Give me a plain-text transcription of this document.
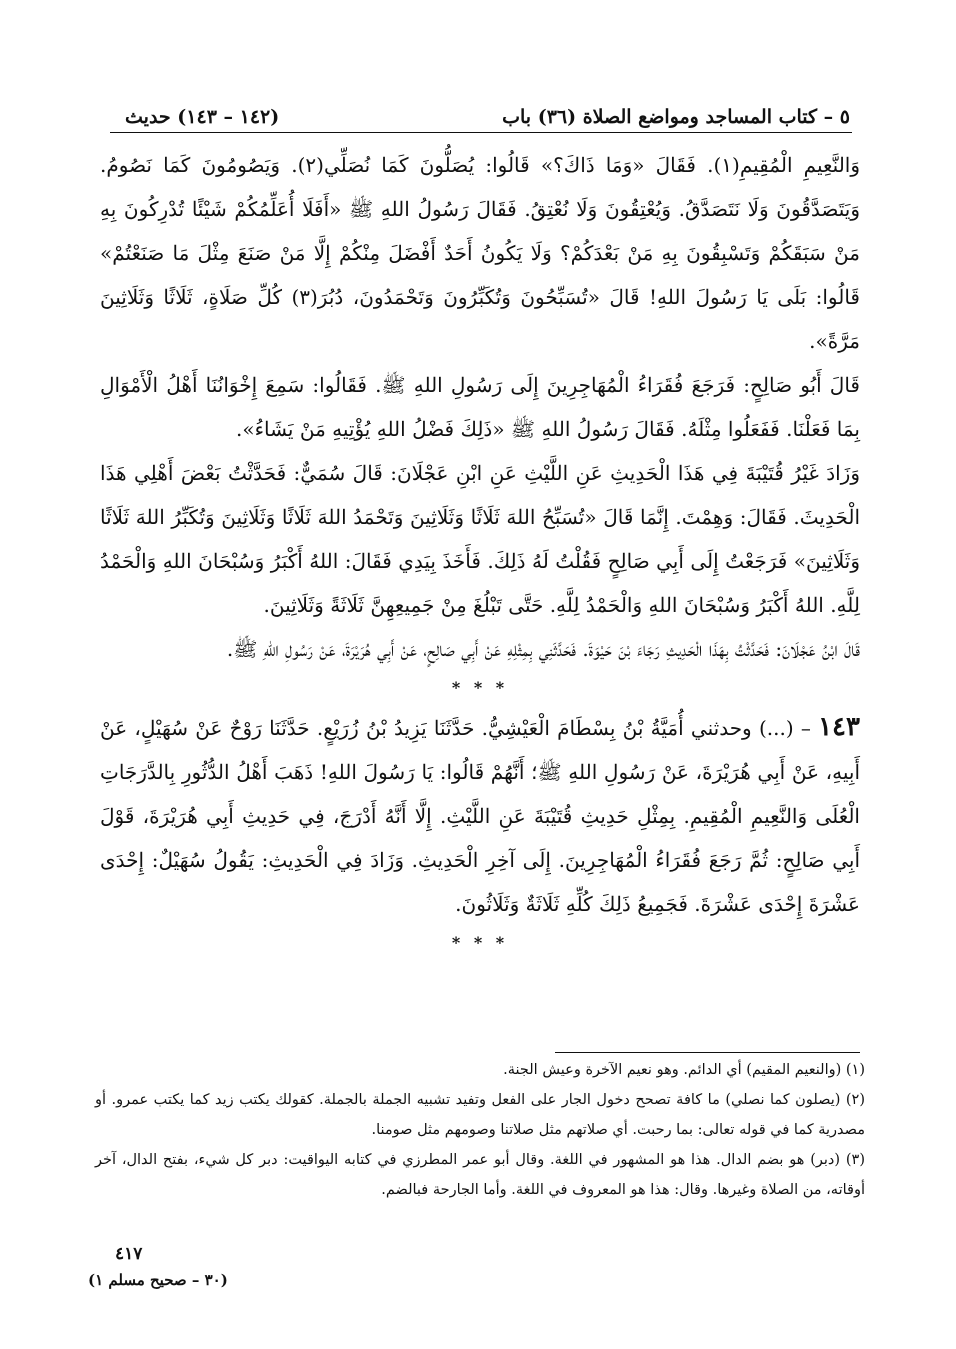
٥ – كتاب المساجد ومواضع الصلاة (٣٦) باب
(١٤٢ – ١٤٣) حديث

وَالنَّعِيمِ الْمُقِيمِ(١). فَقَالَ «وَمَا ذَاكَ؟» قَالُوا: يُصَلُّونَ كَمَا نُصَلِّي(٢). وَيَصُومُونَ كَمَا نَصُومُ. وَيَتَصَدَّقُونَ وَلَا نَتَصَدَّقُ. وَيُعْتِقُونَ وَلَا نُعْتِقُ. فَقَالَ رَسُولُ اللهِ ﷺ «أَفَلَا أُعَلِّمُكُمْ شَيْئًا تُدْرِكُونَ بِهِ مَنْ سَبَقَكُمْ وَتَسْبِقُونَ بِهِ مَنْ بَعْدَكُمْ؟ وَلَا يَكُونُ أَحَدٌ أَفْضَلَ مِنْكُمْ إِلَّا مَنْ صَنَعَ مِثْلَ مَا صَنَعْتُمْ» قَالُوا: بَلَى يَا رَسُولَ اللهِ! قَالَ «تُسَبِّحُونَ وَتُكَبِّرُونَ وَتَحْمَدُونَ، دُبُرَ(٣) كُلِّ صَلَاةٍ، ثَلَاثًا وَثَلَاثِينَ مَرَّةً».

قَالَ أَبُو صَالِحٍ: فَرَجَعَ فُقَرَاءُ الْمُهَاجِرِينَ إِلَى رَسُولِ اللهِ ﷺ. فَقَالُوا: سَمِعَ إِخْوَانُنَا أَهْلُ الْأَمْوَالِ بِمَا فَعَلْنَا. فَفَعَلُوا مِثْلَهُ. فَقَالَ رَسُولُ اللهِ ﷺ «ذَلِكَ فَضْلُ اللهِ يُؤْتِيهِ مَنْ يَشَاءُ».

وَزَادَ غَيْرُ قُتَيْبَةَ فِي هَذَا الْحَدِيثِ عَنِ اللَّيْثِ عَنِ ابْنِ عَجْلَانَ: قَالَ سُمَيٌّ: فَحَدَّثْتُ بَعْضَ أَهْلِي هَذَا الْحَدِيثَ. فَقَالَ: وَهِمْتَ. إِنَّمَا قَالَ «تُسَبِّحُ اللهَ ثَلَاثًا وَثَلَاثِينَ وَتَحْمَدُ اللهَ ثَلَاثًا وَثَلَاثِينَ وَتُكَبِّرُ اللهَ ثَلَاثًا وَثَلَاثِينَ» فَرَجَعْتُ إِلَى أَبِي صَالِحٍ فَقُلْتُ لَهُ ذَلِكَ. فَأَخَذَ بِيَدِي فَقَالَ: اللهُ أَكْبَرُ وَسُبْحَانَ اللهِ وَالْحَمْدُ لِلَّهِ. اللهُ أَكْبَرُ وَسُبْحَانَ اللهِ وَالْحَمْدُ لِلَّهِ. حَتَّى تَبْلُغَ مِنْ جَمِيعِهِنَّ ثَلَاثَةً وَثَلَاثِينَ.

قَالَ ابْنُ عَجْلَانَ: فَحَدَّثْتُ بِهَذَا الْحَدِيثِ رَجَاءَ بْنَ حَيْوَةَ. فَحَدَّثَنِي بِمِثْلِهِ عَنْ أَبِي صَالِحٍ، عَنْ أَبِي هُرَيْرَةَ، عَنْ رَسُولِ اللهِ ﷺ.

* * *

١٤٣ – (...) وحدثني أُمَيَّةُ بْنُ بِسْطَامَ الْعَيْشِيُّ. حَدَّثَنَا يَزِيدُ بْنُ زُرَيْعٍ. حَدَّثَنَا رَوْحٌ عَنْ سُهَيْلٍ، عَنْ أَبِيهِ، عَنْ أَبِي هُرَيْرَةَ، عَنْ رَسُولِ اللهِ ﷺ؛ أَنَّهُمْ قَالُوا: يَا رَسُولَ اللهِ! ذَهَبَ أَهْلُ الدُّثُورِ بِالدَّرَجَاتِ الْعُلَى وَالنَّعِيمِ الْمُقِيمِ. بِمِثْلِ حَدِيثِ قُتَيْبَةَ عَنِ اللَّيْثِ. إِلَّا أَنَّهُ أَدْرَجَ، فِي حَدِيثِ أَبِي هُرَيْرَةَ، قَوْلَ أَبِي صَالِحٍ: ثُمَّ رَجَعَ فُقَرَاءُ الْمُهَاجِرِينَ. إِلَى آخِرِ الْحَدِيثِ. وَزَادَ فِي الْحَدِيثِ: يَقُولُ سُهَيْلٌ: إِحْدَى عَشْرَةَ إِحْدَى عَشْرَةَ. فَجَمِيعُ ذَلِكَ كُلِّهِ ثَلَاثَةٌ وَثَلَاثُونَ.

* * *

(١) (والنعيم المقيم) أي الدائم. وهو نعيم الآخرة وعيش الجنة.

(٢) (يصلون كما نصلي) ما كافة تصحح دخول الجار على الفعل وتفيد تشبيه الجملة بالجملة. كقولك يكتب زيد كما يكتب عمرو. أو مصدرية كما في قوله تعالى: بما رحبت. أي صلاتهم مثل صلاتنا وصومهم مثل صومنا.

(٣) (دبر) هو بضم الدال. هذا هو المشهور في اللغة. وقال أبو عمر المطرزي في كتابه اليواقيت: دبر كل شيء، بفتح الدال، آخر أوقاته، من الصلاة وغيرها. وقال: هذا هو المعروف في اللغة. وأما الجارحة فبالضم.

٤١٧
(٣٠ – صحيح مسلم ١)
